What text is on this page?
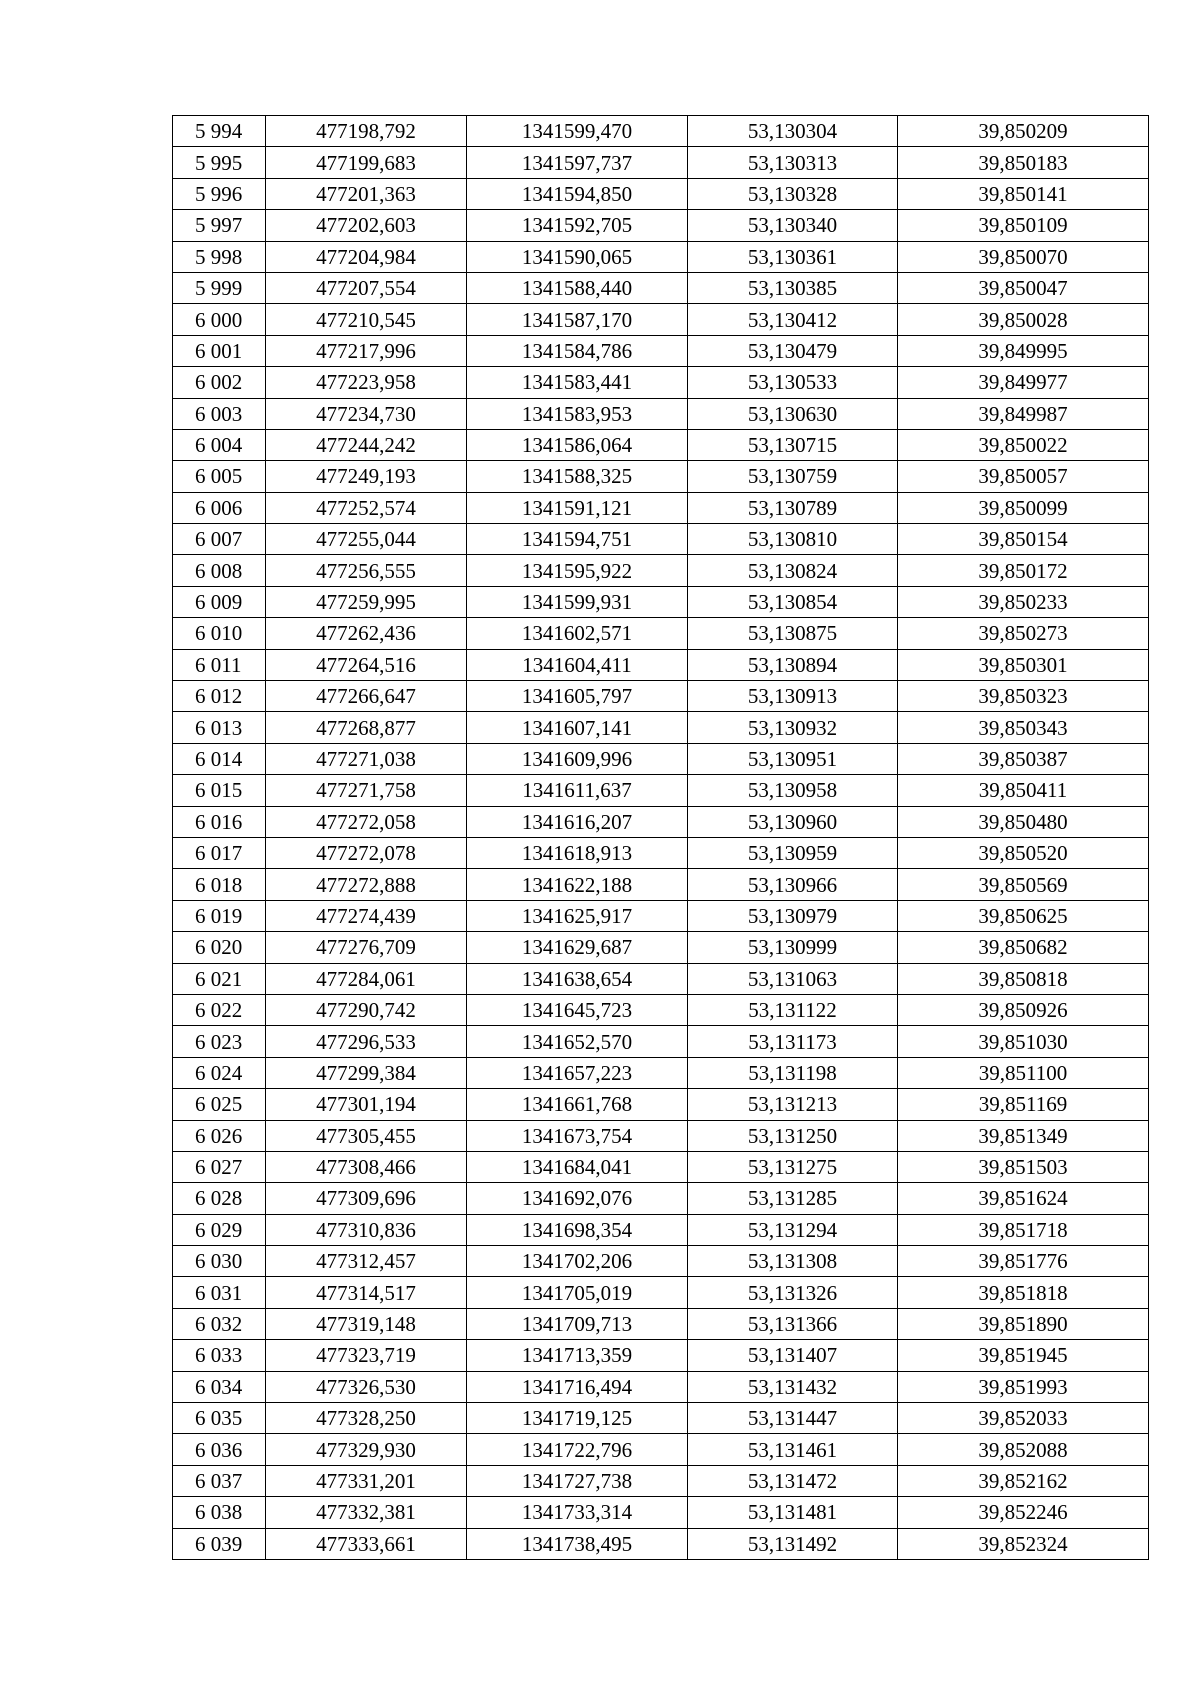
5 994	477198,792	1341599,470	53,130304	39,850209
5 995	477199,683	1341597,737	53,130313	39,850183
5 996	477201,363	1341594,850	53,130328	39,850141
5 997	477202,603	1341592,705	53,130340	39,850109
5 998	477204,984	1341590,065	53,130361	39,850070
5 999	477207,554	1341588,440	53,130385	39,850047
6 000	477210,545	1341587,170	53,130412	39,850028
6 001	477217,996	1341584,786	53,130479	39,849995
6 002	477223,958	1341583,441	53,130533	39,849977
6 003	477234,730	1341583,953	53,130630	39,849987
6 004	477244,242	1341586,064	53,130715	39,850022
6 005	477249,193	1341588,325	53,130759	39,850057
6 006	477252,574	1341591,121	53,130789	39,850099
6 007	477255,044	1341594,751	53,130810	39,850154
6 008	477256,555	1341595,922	53,130824	39,850172
6 009	477259,995	1341599,931	53,130854	39,850233
6 010	477262,436	1341602,571	53,130875	39,850273
6 011	477264,516	1341604,411	53,130894	39,850301
6 012	477266,647	1341605,797	53,130913	39,850323
6 013	477268,877	1341607,141	53,130932	39,850343
6 014	477271,038	1341609,996	53,130951	39,850387
6 015	477271,758	1341611,637	53,130958	39,850411
6 016	477272,058	1341616,207	53,130960	39,850480
6 017	477272,078	1341618,913	53,130959	39,850520
6 018	477272,888	1341622,188	53,130966	39,850569
6 019	477274,439	1341625,917	53,130979	39,850625
6 020	477276,709	1341629,687	53,130999	39,850682
6 021	477284,061	1341638,654	53,131063	39,850818
6 022	477290,742	1341645,723	53,131122	39,850926
6 023	477296,533	1341652,570	53,131173	39,851030
6 024	477299,384	1341657,223	53,131198	39,851100
6 025	477301,194	1341661,768	53,131213	39,851169
6 026	477305,455	1341673,754	53,131250	39,851349
6 027	477308,466	1341684,041	53,131275	39,851503
6 028	477309,696	1341692,076	53,131285	39,851624
6 029	477310,836	1341698,354	53,131294	39,851718
6 030	477312,457	1341702,206	53,131308	39,851776
6 031	477314,517	1341705,019	53,131326	39,851818
6 032	477319,148	1341709,713	53,131366	39,851890
6 033	477323,719	1341713,359	53,131407	39,851945
6 034	477326,530	1341716,494	53,131432	39,851993
6 035	477328,250	1341719,125	53,131447	39,852033
6 036	477329,930	1341722,796	53,131461	39,852088
6 037	477331,201	1341727,738	53,131472	39,852162
6 038	477332,381	1341733,314	53,131481	39,852246
6 039	477333,661	1341738,495	53,131492	39,852324
